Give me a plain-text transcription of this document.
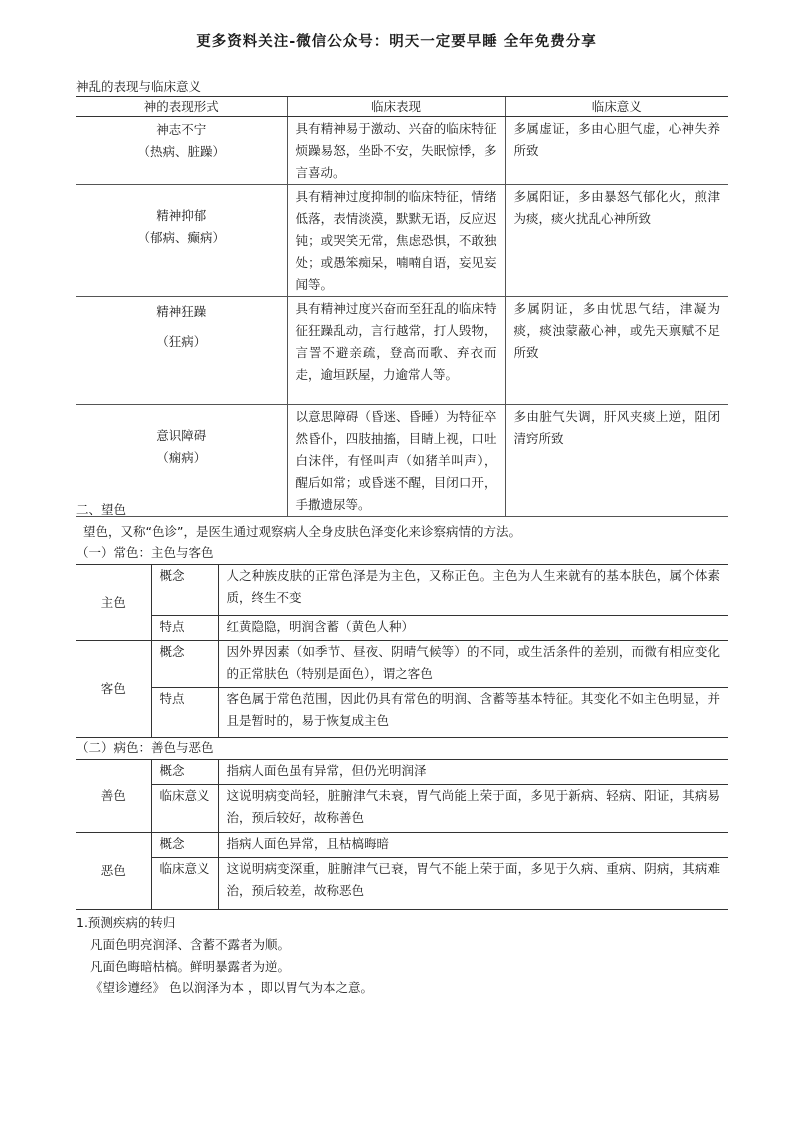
更多资料关注-微信公众号：明天一定要早睡 全年免费分享
神乱的表现与临床意义
神的表现形式	临床表现	临床意义

神志不宁
（热病、脏躁）	具有精神易于激动、兴奋的临床特征 烦躁易怒，坐卧不安，失眠惊悸，多言喜动。	多属虚证，多由心胆气虚，心神失养所致

精神抑郁
（郁病、癫病）	具有精神过度抑制的临床特征，情绪低落，表情淡漠，默默无语，反应迟钝；或哭笑无常，焦虑恐惧，不敢独处；或愚笨痴呆，喃喃自语，妄见妄闻等。	多属阳证，多由暴怒气郁化火，煎津为痰，痰火扰乱心神所致

精神狂躁
（狂病）	具有精神过度兴奋而至狂乱的临床特征狂躁乱动，言行越常，打人毁物，言詈不避亲疏，登高而歌、弃衣而走，逾垣跃屋，力逾常人等。	多属阴证，多由忧思气结，津凝为痰，痰浊蒙蔽心神，或先天禀赋不足所致

意识障碍
（痫病）	以意思障碍（昏迷、昏睡）为特征卒然昏仆，四肢抽搐，目睛上视，口吐白沫伴，有怪叫声（如猪羊叫声），醒后如常；或昏迷不醒，目闭口开，手撒遗尿等。	多由脏气失调，肝风夹痰上逆，阻闭清窍所致
二、望色
望色，又称“色诊”，是医生通过观察病人全身皮肤色泽变化来诊察病情的方法。
（一）常色：主色与客色
主色	概念	人之种族皮肤的正常色泽是为主色，又称正色。主色为人生来就有的基本肤色，属个体素质，终生不变
	特点	红黄隐隐，明润含蓄（黄色人种）
客色	概念	因外界因素（如季节、昼夜、阴晴气候等）的不同，或生活条件的差别，而微有相应变化的正常肤色（特别是面色），谓之客色
	特点	客色属于常色范围，因此仍具有常色的明润、含蓄等基本特征。其变化不如主色明显，并且是暂时的，易于恢复成主色
（二）病色：善色与恶色
善色	概念	指病人面色虽有异常，但仍光明润泽
	临床意义	这说明病变尚轻，脏腑津气未衰，胃气尚能上荣于面，多见于新病、轻病、阳证，其病易治，预后较好，故称善色
恶色	概念	指病人面色异常，且枯槁晦暗
	临床意义	这说明病变深重，脏腑津气已衰，胃气不能上荣于面，多见于久病、重病、阴病，其病难治，预后较差，故称恶色
1.预测疾病的转归
凡面色明亮润泽、含蓄不露者为顺。
凡面色晦暗枯槁。鲜明暴露者为逆。
《望诊遵经》 色以润泽为本 ，即以胃气为本之意。
